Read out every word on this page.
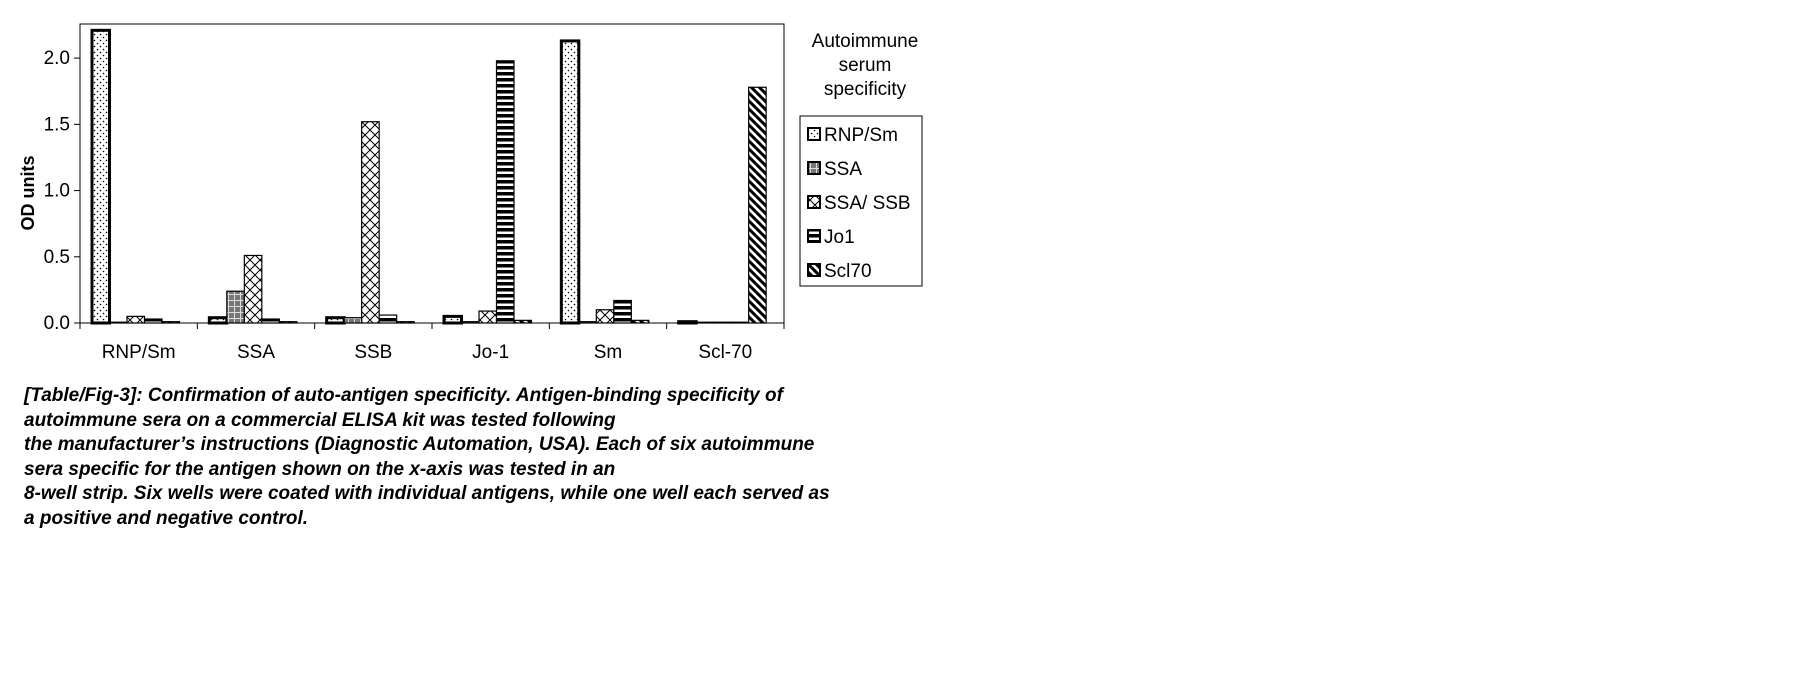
0.0
0.5
1.0
1.5
2.0
RNP/Sm	SSA	SSB	Jo-1	Sm	Scl-70
OD units
RNP/Sm
SSA
SSA/ SSB
Jo1
Scl70
Autoimmune
serum
specificity
[Table/Fig-3]: Confirmation of auto-antigen specificity. Antigen-binding specificity of
autoimmune sera on a commercial ELISA kit was tested following
the manufacturer’s instructions (Diagnostic Automation, USA). Each of six autoimmune
sera specific for the antigen shown on the x-axis was tested in an
8-well strip. Six wells were coated with individual antigens, while one well each served as
a positive and negative control.
